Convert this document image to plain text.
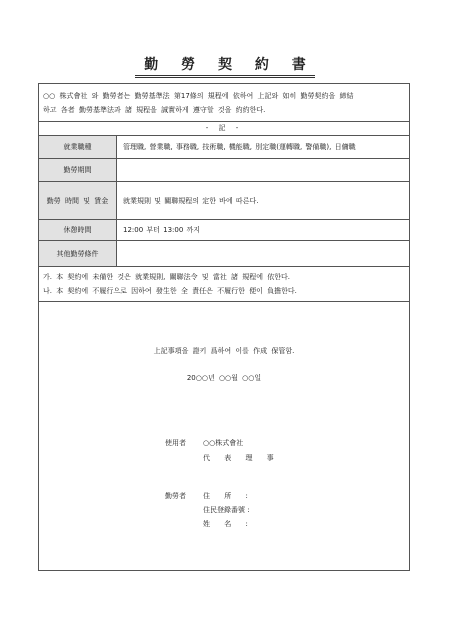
勤 勞 契 約 書
○○ 株式會社 와 勤勞者는 勤勞基準法 第17條의 規程에 依하여 上記와 如히 勤勞契約을 締結
하고 各者 勤勞基準法과 諸 規程을 誠實하게 遵守할 것을 約約한다.
- 記 -
就業職種	管理職, 營業職, 事務職, 技術職, 機能職, 別定職(運轉職, 警備職), 日傭職
勤勞期間
勤勞 時間 및 賃金	就業規則 및 關聯規程의 定한 바에 따른다.
休憩時間	12:00 부터 13:00 까지
其他勤勞條件
가. 本 契約에 未備한 것은 就業規則, 關聯法令 및 當社 諸 規程에 依한다.
나. 本 契約에 不履行으로 因하여 發生한 全 責任은 不履行한 便이 負擔한다.
上記事項을 證키 爲하여 이를 作成 保管함.
20○○년 ○○월 ○○일
使用者 ○○株式會社
代 表 理 事
勤勞者 住 所 :
住民登錄番號 :
姓 名 :
